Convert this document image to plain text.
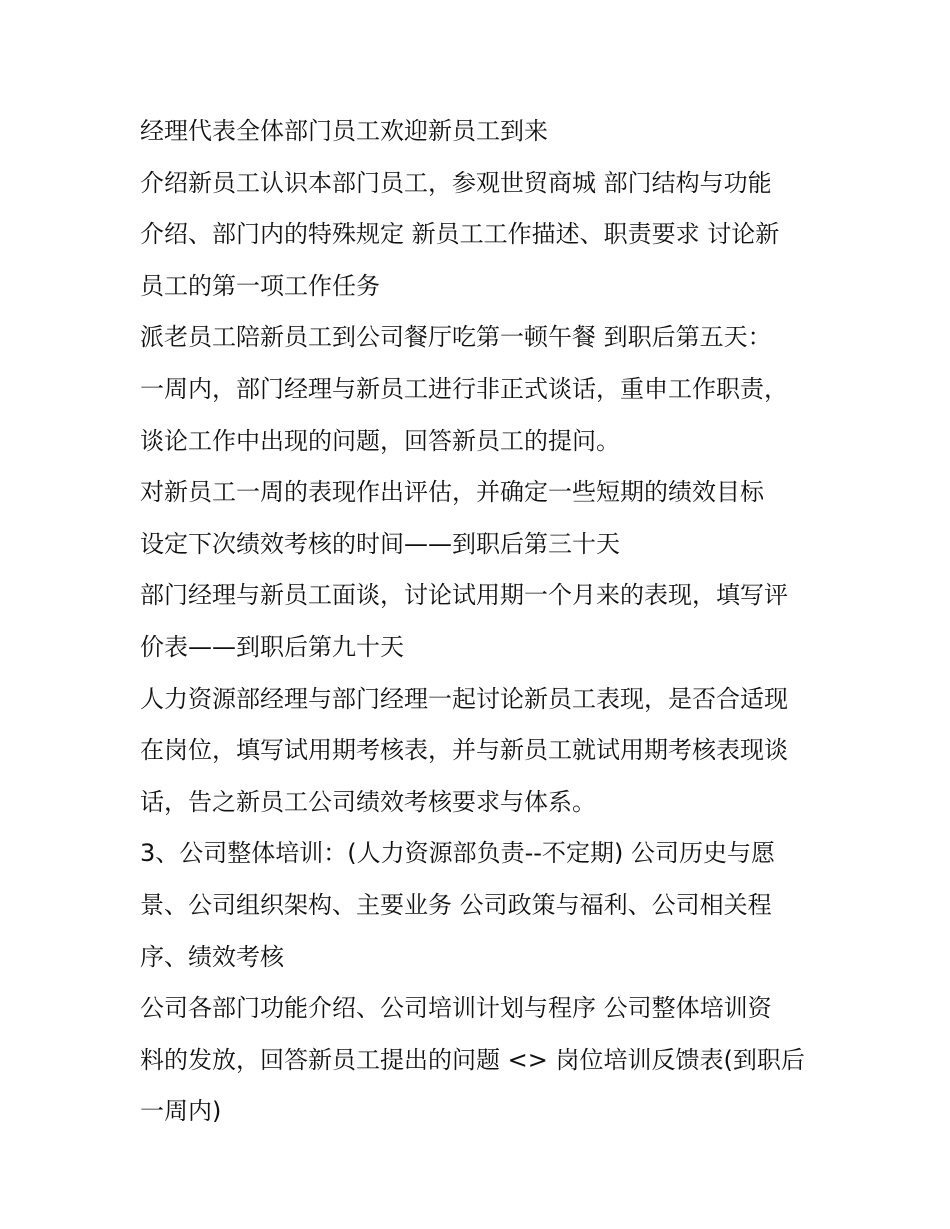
经理代表全体部门员工欢迎新员工到来

介绍新员工认识本部门员工，参观世贸商城 部门结构与功能

介绍、部门内的特殊规定 新员工工作描述、职责要求 讨论新

员工的第一项工作任务

派老员工陪新员工到公司餐厅吃第一顿午餐 到职后第五天：

一周内，部门经理与新员工进行非正式谈话，重申工作职责，

谈论工作中出现的问题，回答新员工的提问。

对新员工一周的表现作出评估，并确定一些短期的绩效目标

设定下次绩效考核的时间——到职后第三十天

部门经理与新员工面谈，讨论试用期一个月来的表现，填写评

价表——到职后第九十天

人力资源部经理与部门经理一起讨论新员工表现，是否合适现

在岗位，填写试用期考核表，并与新员工就试用期考核表现谈

话，告之新员工公司绩效考核要求与体系。

3、公司整体培训：(人力资源部负责--不定期) 公司历史与愿

景、公司组织架构、主要业务 公司政策与福利、公司相关程

序、绩效考核

公司各部门功能介绍、公司培训计划与程序 公司整体培训资

料的发放，回答新员工提出的问题 <> 岗位培训反馈表(到职后

一周内)
